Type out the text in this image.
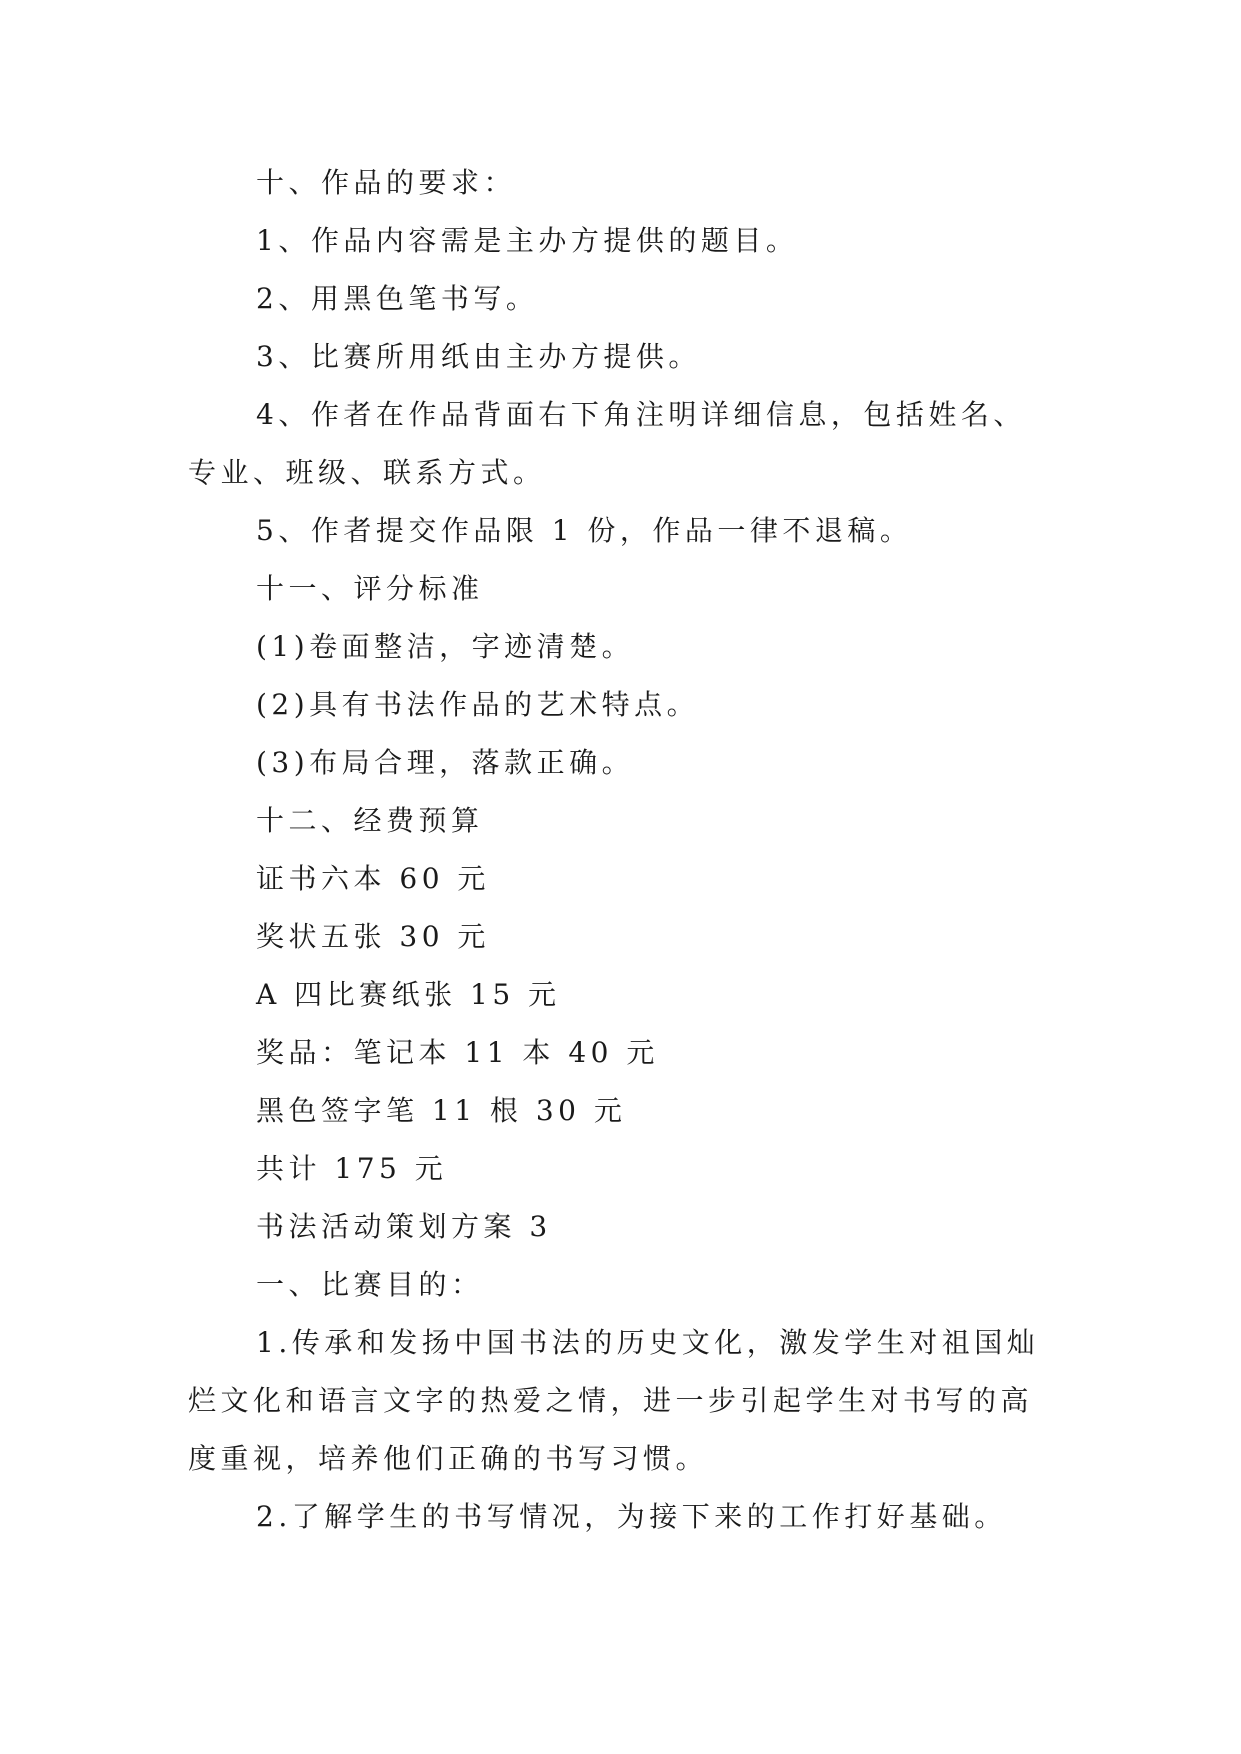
十、作品的要求：
1、作品内容需是主办方提供的题目。
2、用黑色笔书写。
3、比赛所用纸由主办方提供。
4、作者在作品背面右下角注明详细信息，包括姓名、专业、班级、联系方式。
5、作者提交作品限 1 份，作品一律不退稿。
十一、评分标准
(1)卷面整洁，字迹清楚。
(2)具有书法作品的艺术特点。
(3)布局合理，落款正确。
十二、经费预算
证书六本 60 元
奖状五张 30 元
A 四比赛纸张 15 元
奖品：笔记本 11 本 40 元
黑色签字笔 11 根 30 元
共计 175 元
书法活动策划方案 3
一、比赛目的：
1.传承和发扬中国书法的历史文化，激发学生对祖国灿烂文化和语言文字的热爱之情，进一步引起学生对书写的高度重视，培养他们正确的书写习惯。
2.了解学生的书写情况，为接下来的工作打好基础。
